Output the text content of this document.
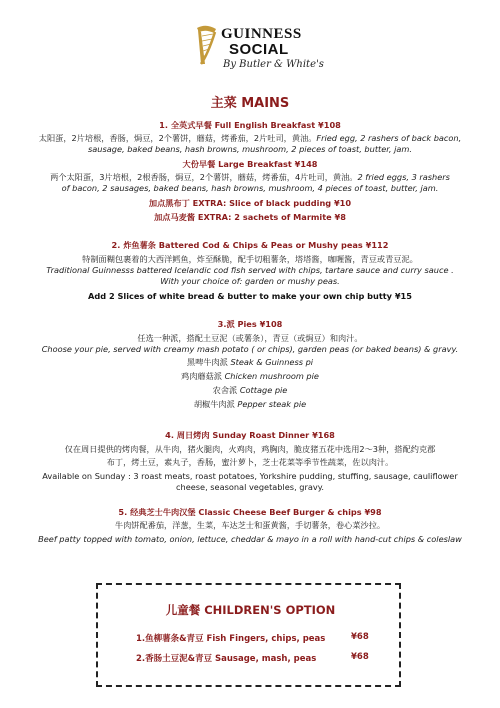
GUINNESS
SOCIAL
By Butler & White's
主菜 MAINS
1. 全英式早餐 Full English Breakfast ¥108
太阳蛋，2片培根，香肠，焗豆，2个薯饼，蘑菇，烤番茄，2片吐司，黄油。Fried egg, 2 rashers of back bacon,
sausage, baked beans, hash browns, mushroom, 2 pieces of toast, butter, jam.
大份早餐 Large Breakfast ¥148
两个太阳蛋，3片培根，2根香肠，焗豆，2个薯饼，蘑菇，烤番茄，4片吐司，黄油。2 fried eggs, 3 rashers
of bacon, 2 sausages, baked beans, hash browns, mushroom, 4 pieces of toast, butter, jam.
加点黑布丁 EXTRA: Slice of black pudding ¥10
加点马麦酱 EXTRA: 2 sachets of Marmite ¥8
2. 炸鱼薯条 Battered Cod & Chips & Peas or Mushy peas ¥112
特制面糊包裹着的大西洋鳕鱼，炸至酥脆，配手切粗薯条，塔塔酱，咖喱酱，青豆或青豆泥。
Traditional Guinnesss battered Icelandic cod fish served with chips, tartare sauce and curry sauce .
With your choice of: garden or mushy peas.
Add 2 Slices of white bread & butter to make your own chip butty ¥15
3.派 Pies ¥108
任选一种派，搭配土豆泥（或薯条），青豆（或焗豆）和肉汁。
Choose your pie, served with creamy mash potato ( or chips), garden peas (or baked beans) & gravy.
黑啤牛肉派 Steak & Guinness pi
鸡肉蘑菇派 Chicken mushroom pie
农舍派 Cottage pie
胡椒牛肉派 Pepper steak pie
4. 周日烤肉 Sunday Roast Dinner ¥168
仅在周日提供的烤肉餐，从牛肉，猪火腿肉，火鸡肉，鸡胸肉，脆皮猪五花中选用2～3种，搭配约克郡
布丁，烤土豆，素丸子，香肠，蜜汁萝卜，芝士花菜等季节性蔬菜，佐以肉汁。
Available on Sunday : 3 roast meats, roast potatoes, Yorkshire pudding, stuffing, sausage, cauliflower
cheese, seasonal vegetables, gravy.
5. 经典芝士牛肉汉堡 Classic Cheese Beef Burger & chips ¥98
牛肉饼配番茄，洋葱，生菜，车达芝士和蛋黄酱，手切薯条，卷心菜沙拉。
Beef patty topped with tomato, onion, lettuce, cheddar & mayo in a roll with hand-cut chips & coleslaw
儿童餐 CHILDREN'S OPTION
1.鱼柳薯条&青豆 Fish Fingers, chips, peas	¥68
2.香肠土豆泥&青豆 Sausage, mash, peas	¥68
